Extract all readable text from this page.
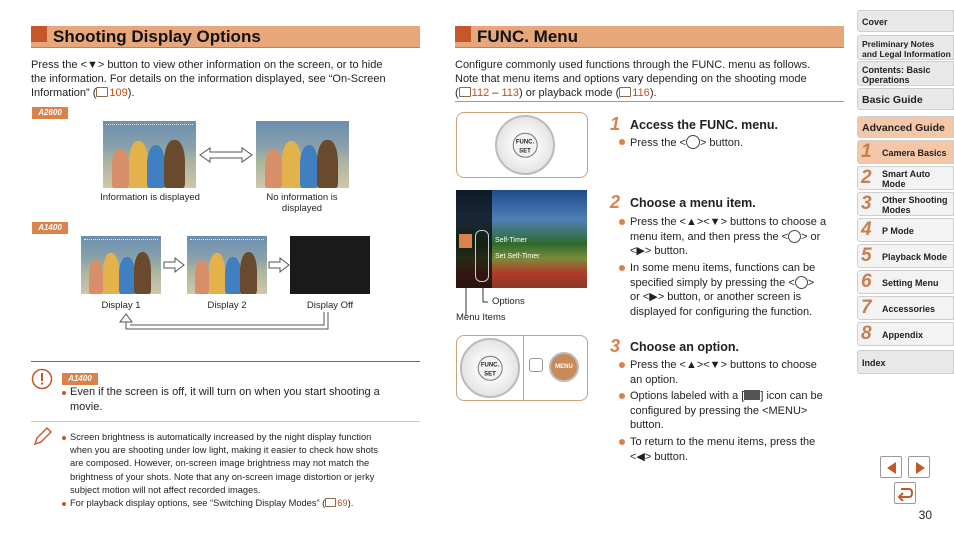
Shooting Display Options
Press the <▼> button to view other information on the screen, or to hide
the information. For details on the information displayed, see “On-Screen
Information” ( 109).
A2600
Information is displayed	No information is
displayed
A1400
Display 1	Display 2	Display Off
A1400
Even if the screen is off, it will turn on when you start shooting a
movie.
Screen brightness is automatically increased by the night display function
when you are shooting under low light, making it easier to check how shots
are composed. However, on-screen image brightness may not match the
brightness of your shots. Note that any on-screen image distortion or jerky
subject motion will not affect recorded images.
For playback display options, see “Switching Display Modes” ( 69).
FUNC. Menu
Configure commonly used functions through the FUNC. menu as follows.
Note that menu items and options vary depending on the shooting mode
( 112 – 113) or playback mode ( 116).
FUNC. SET
1 Access the FUNC. menu.
Press the < > button.
Self-Timer
Set Self-Timer
Options
Menu Items
2 Choose a menu item.
Press the <▲><▼> buttons to choose a
menu item, and then press the < > or
<▶> button.
In some menu items, functions can be
specified simply by pressing the < >
or <▶> button, or another screen is
displayed for configuring the function.
FUNC. SET
MENU
3 Choose an option.
Press the <▲><▼> buttons to choose
an option.
Options labeled with a [ ] icon can be
configured by pressing the <MENU>
button.
To return to the menu items, press the
<◀> button.
Cover
Preliminary Notes
and Legal Information
Contents: Basic
Operations
Basic Guide
Advanced Guide
1 Camera Basics
2 Smart Auto
Mode
3 Other Shooting
Modes
4 P Mode
5 Playback Mode
6 Setting Menu
7 Accessories
8 Appendix
Index
30
